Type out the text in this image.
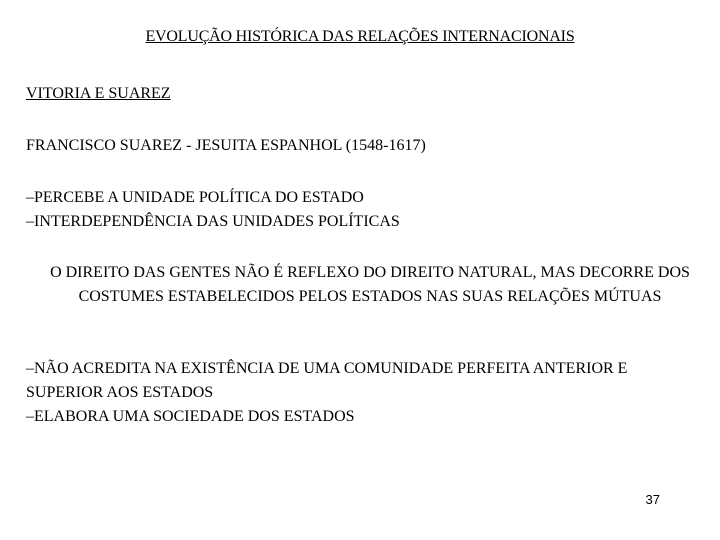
EVOLUÇÃO HISTÓRICA DAS RELAÇÕES INTERNACIONAIS
VITORIA E SUAREZ
FRANCISCO SUAREZ - JESUITA ESPANHOL (1548-1617)
–PERCEBE A UNIDADE POLÍTICA DO ESTADO
–INTERDEPENDÊNCIA DAS UNIDADES POLÍTICAS
O DIREITO DAS GENTES NÃO É REFLEXO DO DIREITO NATURAL, MAS DECORRE DOS COSTUMES ESTABELECIDOS PELOS ESTADOS NAS SUAS RELAÇÕES MÚTUAS
–NÃO ACREDITA NA EXISTÊNCIA DE UMA COMUNIDADE PERFEITA ANTERIOR E SUPERIOR AOS ESTADOS
–ELABORA UMA SOCIEDADE DOS ESTADOS
37
